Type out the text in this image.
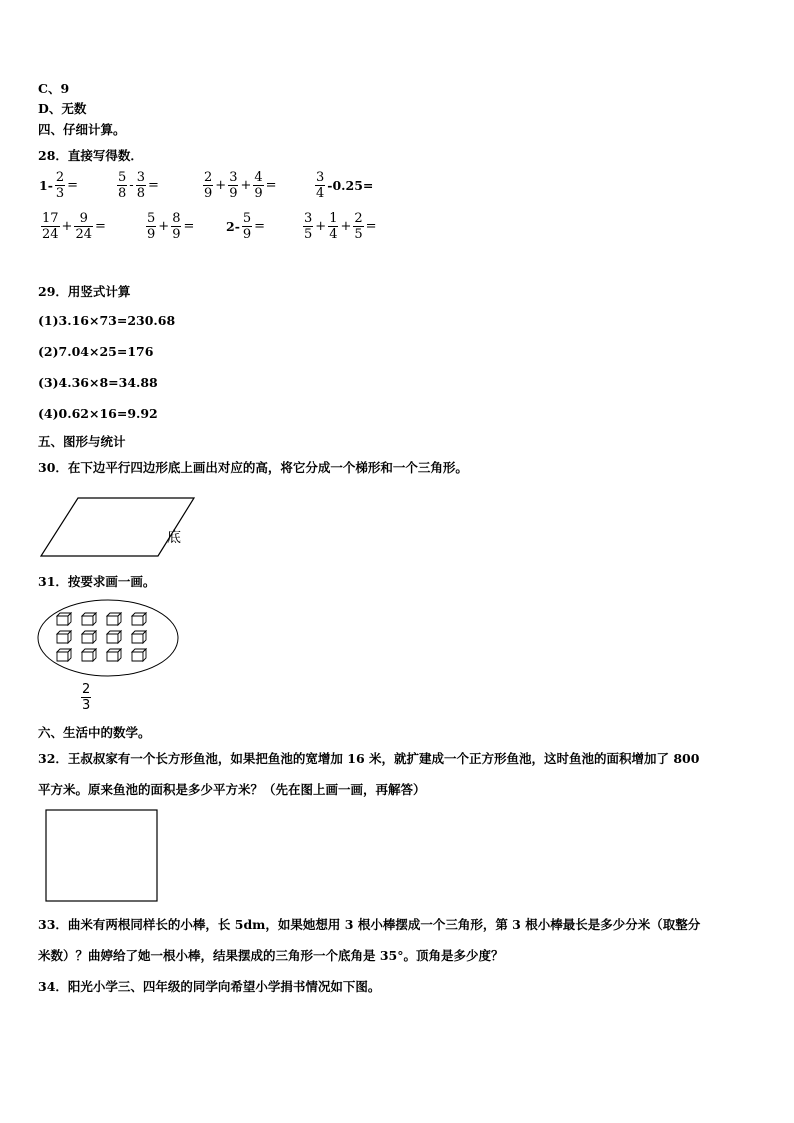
C、9
D、无数
四、仔细计算。
28．直接写得数．
$1- \frac{2}{3}$ =	$\frac{5}{8} - \frac{3}{8}$ =	$\frac{2}{9} + \frac{3}{9} + \frac{4}{9}$ =	$\frac{3}{4} -0.25=$
$\frac{17}{24} + \frac{9}{24}$ =	$\frac{5}{9} + \frac{8}{9}$ =	$2- \frac{5}{9}$ =	$\frac{3}{5} + \frac{1}{4} + \frac{2}{5}$ =
29．用竖式计算
(1)3.16×73=230.68
(2)7.04×25=176
(3)4.36×8=34.88
(4)0.62×16=9.92
五、图形与统计
30．在下边平行四边形底上画出对应的高，将它分成一个梯形和一个三角形。
底
31．按要求画一画。
2
3
六、生活中的数学。
32．王叔叔家有一个长方形鱼池，如果把鱼池的宽增加 16 米，就扩建成一个正方形鱼池，这时鱼池的面积增加了 800
平方米。原来鱼池的面积是多少平方米？（先在图上画一画，再解答）
33．曲米有两根同样长的小棒，长 5dm，如果她想用 3 根小棒摆成一个三角形，第 3 根小棒最长是多少分米（取整分
米数）？曲婷给了她一根小棒，结果摆成的三角形一个底角是 35°。顶角是多少度？
34．阳光小学三、四年级的同学向希望小学捐书情况如下图。
